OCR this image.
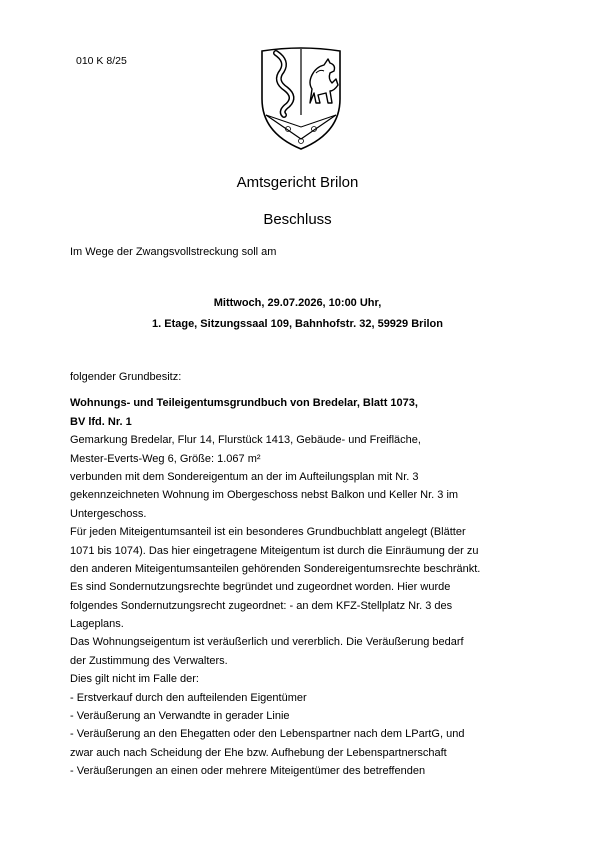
010 K 8/25
Amtsgericht Brilon
Beschluss
Im Wege der Zwangsvollstreckung soll am
Mittwoch, 29.07.2026, 10:00 Uhr,
1. Etage, Sitzungssaal 109, Bahnhofstr. 32, 59929 Brilon
folgender Grundbesitz:
Wohnungs- und Teileigentumsgrundbuch von Bredelar, Blatt 1073,
BV lfd. Nr. 1
Gemarkung Bredelar, Flur 14, Flurstück 1413, Gebäude- und Freifläche,
Mester-Everts-Weg 6, Größe: 1.067 m²
verbunden mit dem Sondereigentum an der im Aufteilungsplan mit Nr. 3
gekennzeichneten Wohnung im Obergeschoss nebst Balkon und Keller Nr. 3 im
Untergeschoss.
Für jeden Miteigentumsanteil ist ein besonderes Grundbuchblatt angelegt (Blätter
1071 bis 1074). Das hier eingetragene Miteigentum ist durch die Einräumung der zu
den anderen Miteigentumsanteilen gehörenden Sondereigentumsrechte beschränkt.
Es sind Sondernutzungsrechte begründet und zugeordnet worden. Hier wurde
folgendes Sondernutzungsrecht zugeordnet: - an dem KFZ-Stellplatz Nr. 3 des
Lageplans.
Das Wohnungseigentum ist veräußerlich und vererblich. Die Veräußerung bedarf
der Zustimmung des Verwalters.
Dies gilt nicht im Falle der:
- Erstverkauf durch den aufteilenden Eigentümer
- Veräußerung an Verwandte in gerader Linie
- Veräußerung an den Ehegatten oder den Lebenspartner nach dem LPartG, und
zwar auch nach Scheidung der Ehe bzw. Aufhebung der Lebenspartnerschaft
- Veräußerungen an einen oder mehrere Miteigentümer des betreffenden
